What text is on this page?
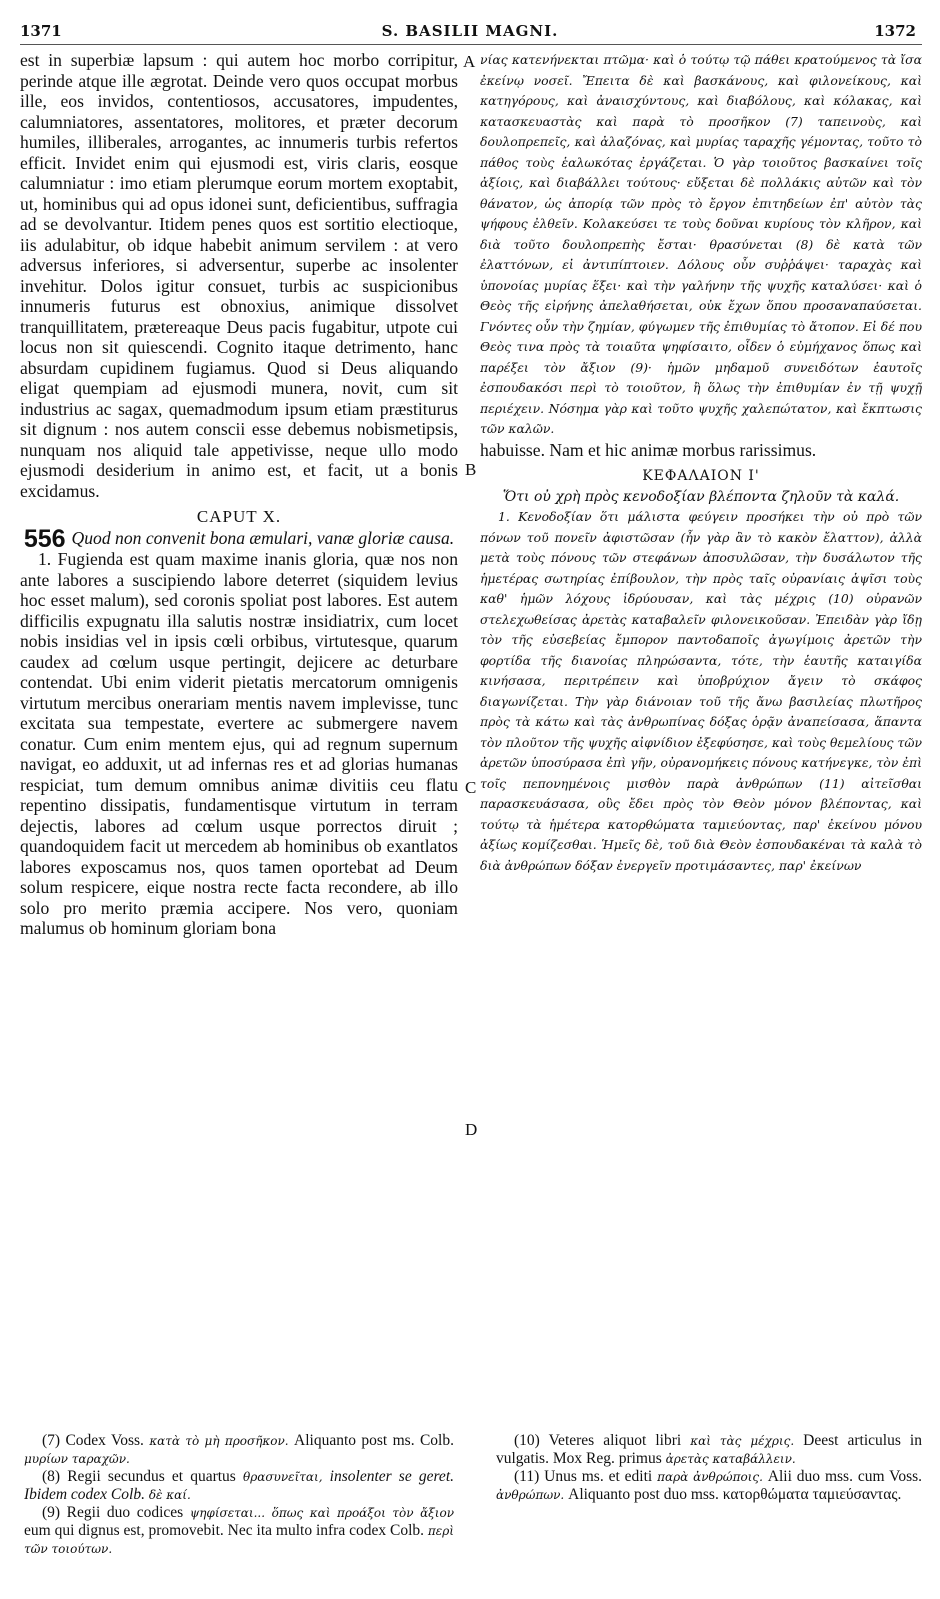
1371	S. BASILII MAGNI.	1372

est in superbiæ lapsum : qui autem hoc morbo corripitur, perinde atque ille ægrotat. Deinde vero quos occupat morbus ille, eos invidos, contentiosos, accusatores, impudentes, calumniatores, assentatores, molitores, et præter decorum humiles, illiberales, arrogantes, ac innumeris turbis refertos efficit. Invidet enim qui ejusmodi est, viris claris, eosque calumniatur : imo etiam plerumque eorum mortem exoptabit, ut, hominibus qui ad opus idonei sunt, deficientibus, suffragia ad se devolvantur. Itidem penes quos est sortitio electioque, iis adulabitur, ob idque habebit animum servilem : at vero adversus inferiores, si adversentur, superbe ac insolenter invehitur. Dolos igitur consuet, turbis ac suspicionibus innumeris futurus est obnoxius, animique dissolvet tranquillitatem, prætereaque Deus pacis fugabitur, utpote cui locus non sit quiescendi. Cognito itaque detrimento, hanc absurdam cupidinem fugiamus. Quod si Deus aliquando eligat quempiam ad ejusmodi munera, novit, cum sit industrius ac sagax, quemadmodum ipsum etiam præstiturus sit dignum : nos autem conscii esse debemus nobismetipsis, nunquam nos aliquid tale appetivisse, neque ullo modo ejusmodi desiderium in animo est, et facit, ut a bonis excidamus.

CAPUT X.

556 Quod non convenit bona æmulari, vanæ gloriæ causa.

1. Fugienda est quam maxime inanis gloria, quæ nos non ante labores a suscipiendo labore deterret (siquidem levius hoc esset malum), sed coronis spoliat post labores. Est autem difficilis expugnatu illa salutis nostræ insidiatrix, cum locet nobis insidias vel in ipsis cœli orbibus, virtutesque, quarum caudex ad cœlum usque pertingit, dejicere ac deturbare contendat. Ubi enim viderit pietatis mercatorum omnigenis virtutum mercibus onerariam mentis navem implevisse, tunc excitata sua tempestate, evertere ac submergere navem conatur. Cum enim mentem ejus, qui ad regnum supernum navigat, eo adduxit, ut ad infernas res et ad glorias humanas respiciat, tum demum omnibus animæ divitiis ceu flatu repentino dissipatis, fundamentisque virtutum in terram dejectis, labores ad cœlum usque porrectos diruit ; quandoquidem facit ut mercedem ab hominibus ob exantlatos labores exposcamus nos, quos tamen oportebat ad Deum solum respicere, eique nostra recte facta recondere, ab illo solo pro merito præmia accipere. Nos vero, quoniam malumus ob hominum gloriam bona

A
B
C
D

νίας κατενήνεκται πτῶμα· καὶ ὁ τούτῳ τῷ πάθει κρατούμενος τὰ ἴσα ἐκείνῳ νοσεῖ. Ἔπειτα δὲ καὶ βασκάνους, καὶ φιλονείκους, καὶ κατηγόρους, καὶ ἀναισχύντους, καὶ διαβόλους, καὶ κόλακας, καὶ κατασκευαστὰς καὶ παρὰ τὸ προσῆκον (7) ταπεινοὺς, καὶ δουλοπρεπεῖς, καὶ ἀλαζόνας, καὶ μυρίας ταραχῆς γέμοντας, τοῦτο τὸ πάθος τοὺς ἑαλωκότας ἐργάζεται. Ὁ γὰρ τοιοῦτος βασκαίνει τοῖς ἀξίοις, καὶ διαβάλλει τούτους· εὔξεται δὲ πολλάκις αὐτῶν καὶ τὸν θάνατον, ὡς ἀπορίᾳ τῶν πρὸς τὸ ἔργον ἐπιτηδείων ἐπ' αὐτὸν τὰς ψήφους ἐλθεῖν. Κολακεύσει τε τοὺς δοῦναι κυρίους τὸν κλῆρον, καὶ διὰ τοῦτο δουλοπρεπὴς ἔσται· θρασύνεται (8) δὲ κατὰ τῶν ἐλαττόνων, εἰ ἀντιπίπτοιεν. Δόλους οὖν συῤῥάψει· ταραχὰς καὶ ὑπονοίας μυρίας ἕξει· καὶ τὴν γαλήνην τῆς ψυχῆς καταλύσει· καὶ ὁ Θεὸς τῆς εἰρήνης ἀπελαθήσεται, οὐκ ἔχων ὅπου προσαναπαύσεται. Γνόντες οὖν τὴν ζημίαν, φύγωμεν τῆς ἐπιθυμίας τὸ ἄτοπον. Εἰ δέ που Θεὸς τινα πρὸς τὰ τοιαῦτα ψηφίσαιτο, οἶδεν ὁ εὐμήχανος ὅπως καὶ παρέξει τὸν ἄξιον (9)· ἡμῶν μηδαμοῦ συνειδότων ἑαυτοῖς ἐσπουδακόσι περὶ τὸ τοιοῦτον, ἢ ὅλως τὴν ἐπιθυμίαν ἐν τῇ ψυχῇ περιέχειν. Νόσημα γὰρ καὶ τοῦτο ψυχῆς χαλεπώτατον, καὶ ἔκπτωσις τῶν καλῶν.

habuisse. Nam et hic animæ morbus rarissimus.

ΚΕΦΑΛΑΙΟΝ Ι'

Ὅτι οὐ χρὴ πρὸς κενοδοξίαν βλέποντα ζηλοῦν τὰ καλά.

1. Κενοδοξίαν ὅτι μάλιστα φεύγειν προσήκει τὴν οὐ πρὸ τῶν πόνων τοῦ πονεῖν ἀφιστῶσαν (ἦν γὰρ ἂν τὸ κακὸν ἔλαττον), ἀλλὰ μετὰ τοὺς πόνους τῶν στεφάνων ἀποσυλῶσαν, τὴν δυσάλωτον τῆς ἡμετέρας σωτηρίας ἐπίβουλον, τὴν πρὸς ταῖς οὐρανίαις ἁψῖσι τοὺς καθ' ἡμῶν λόχους ἱδρύουσαν, καὶ τὰς μέχρις (10) οὐρανῶν στελεχωθείσας ἀρετὰς καταβαλεῖν φιλονεικοῦσαν. Ἐπειδὰν γὰρ ἴδῃ τὸν τῆς εὐσεβείας ἔμπορον παντοδαποῖς ἀγωγίμοις ἀρετῶν τὴν φορτίδα τῆς διανοίας πληρώσαντα, τότε, τὴν ἑαυτῆς καταιγίδα κινήσασα, περιτρέπειν καὶ ὑποβρύχιον ἄγειν τὸ σκάφος διαγωνίζεται. Τὴν γὰρ διάνοιαν τοῦ τῆς ἄνω βασιλείας πλωτῆρος πρὸς τὰ κάτω καὶ τὰς ἀνθρωπίνας δόξας ὁρᾷν ἀναπείσασα, ἅπαντα τὸν πλοῦτον τῆς ψυχῆς αἰφνίδιον ἐξεφύσησε, καὶ τοὺς θεμελίους τῶν ἀρετῶν ὑποσύρασα ἐπὶ γῆν, οὐρανομήκεις πόνους κατήνεγκε, τὸν ἐπὶ τοῖς πεπονημένοις μισθὸν παρὰ ἀνθρώπων (11) αἰτεῖσθαι παρασκευάσασα, οὓς ἔδει πρὸς τὸν Θεὸν μόνον βλέποντας, καὶ τούτῳ τὰ ἡμέτερα κατορθώματα ταμιεύοντας, παρ' ἐκείνου μόνου ἀξίως κομίζεσθαι. Ἡμεῖς δὲ, τοῦ διὰ Θεὸν ἐσπουδακέναι τὰ καλὰ τὸ διὰ ἀνθρώπων δόξαν ἐνεργεῖν προτιμάσαντες, παρ' ἐκείνων

(7) Codex Voss. κατὰ τὸ μὴ προσῆκον. Aliquanto post ms. Colb. μυρίων ταραχῶν.

(8) Regii secundus et quartus θρασυνεῖται, insolenter se geret. Ibidem codex Colb. δὲ καί.

(9) Regii duo codices ψηφίσεται... ὅπως καὶ προάξοι τὸν ἄξιον eum qui dignus est, promovebit. Nec ita multo infra codex Colb. περὶ τῶν τοιούτων.

(10) Veteres aliquot libri καὶ τὰς μέχρις. Deest articulus in vulgatis. Mox Reg. primus ἀρετὰς καταβάλλειν.

(11) Unus ms. et editi παρὰ ἀνθρώποις. Alii duo mss. cum Voss. ἀνθρώπων. Aliquanto post duo mss. κατορθώματα ταμιεύσαντας.
